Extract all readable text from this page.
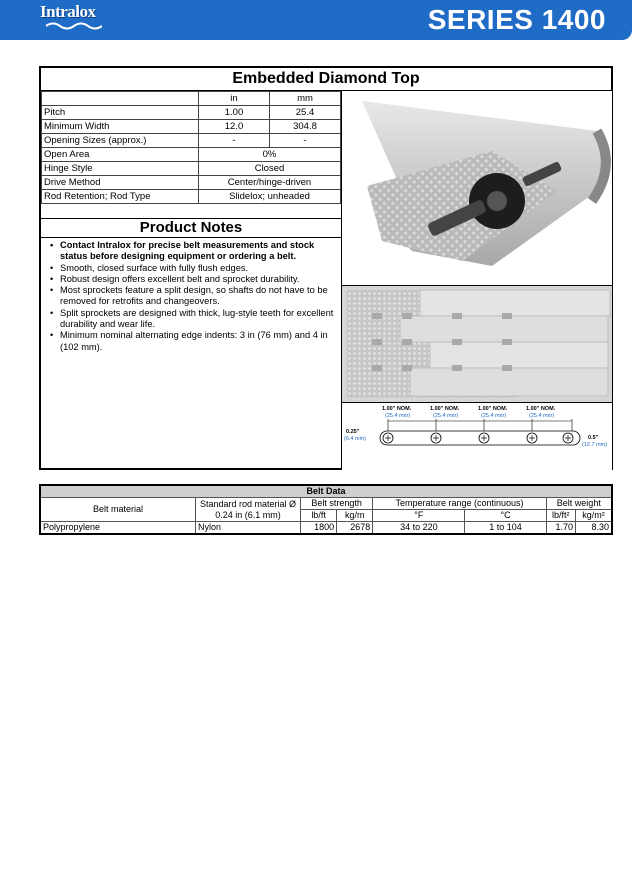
Intralox	SERIES 1400
Embedded Diamond Top
	in	mm
Pitch	1.00	25.4
Minimum Width	12.0	304.8
Opening Sizes (approx.)	-	-
Open Area	0%	
Hinge Style	Closed	
Drive Method	Center/hinge-driven	
Rod Retention; Rod Type	Slidelox; unheaded	
Product Notes
• Contact Intralox for precise belt measurements and stock status before designing equipment or ordering a belt.
• Smooth, closed surface with fully flush edges.
• Robust design offers excellent belt and sprocket durability.
• Most sprockets feature a split design, so shafts do not have to be removed for retrofits and changeovers.
• Split sprockets are designed with thick, lug-style teeth for excellent durability and wear life.
• Minimum nominal alternating edge indents: 3 in (76 mm) and 4 in (102 mm).
1.00" NOM.	1.00" NOM.	1.00" NOM.	1.00" NOM.
(25.4 mm)	(25.4 mm)	(25.4 mm)	(25.4 mm)
0.25"
(6.4 mm)	0.5"
(12.7 mm)
Belt Data							
Belt material	Standard rod material Ø 0.24 in (6.1 mm)	Belt strength		Temperature range (continuous)		Belt weight	
		lb/ft	kg/m	°F	°C	lb/ft²	kg/m²
Polypropylene	Nylon	1800	2678	34 to 220	1 to 104	1.70	8.30
